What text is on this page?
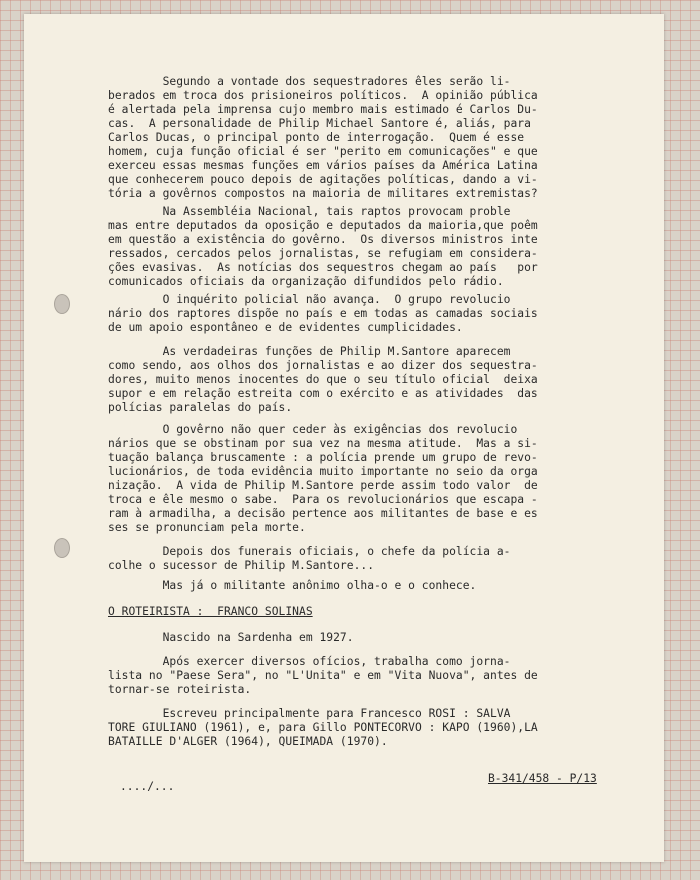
Segundo a vontade dos sequestradores êles serão li-
berados em troca dos prisioneiros políticos.  A opinião pública
é alertada pela imprensa cujo membro mais estimado é Carlos Du-
cas.  A personalidade de Philip Michael Santore é, aliás, para
Carlos Ducas, o principal ponto de interrogação.  Quem é esse
homem, cuja função oficial é ser "perito em comunicações" e que
exerceu essas mesmas funções em vários países da América Latina
que conhecerem pouco depois de agitações políticas, dando a vi-
tória a govêrnos compostos na maioria de militares extremistas?
Na Assembléia Nacional, tais raptos provocam proble
mas entre deputados da oposição e deputados da maioria,que poêm
em questão a existência do govêrno.  Os diversos ministros inte
ressados, cercados pelos jornalistas, se refugiam em considera-
ções evasivas.  As notícias dos sequestros chegam ao país   por
comunicados oficiais da organização difundidos pelo rádio.
O inquérito policial não avança.  O grupo revolucio
nário dos raptores dispõe no país e em todas as camadas sociais
de um apoio espontâneo e de evidentes cumplicidades.
As verdadeiras funções de Philip M.Santore aparecem
como sendo, aos olhos dos jornalistas e ao dizer dos sequestra-
dores, muito menos inocentes do que o seu título oficial  deixa
supor e em relação estreita com o exército e as atividades  das
polícias paralelas do país.
O govêrno não quer ceder às exigências dos revolucio
nários que se obstinam por sua vez na mesma atitude.  Mas a si-
tuação balança bruscamente : a polícia prende um grupo de revo-
lucionários, de toda evidência muito importante no seio da orga
nização.  A vida de Philip M.Santore perde assim todo valor  de
troca e êle mesmo o sabe.  Para os revolucionários que escapa -
ram à armadilha, a decisão pertence aos militantes de base e es
ses se pronunciam pela morte.
Depois dos funerais oficiais, o chefe da polícia a-
colhe o sucessor de Philip M.Santore...
Mas já o militante anônimo olha-o e o conhece.
O ROTEIRISTA :  FRANCO SOLINAS
Nascido na Sardenha em 1927.
Após exercer diversos ofícios, trabalha como jorna-
lista no "Paese Sera", no "L'Unita" e em "Vita Nuova", antes de
tornar-se roteirista.
Escreveu principalmente para Francesco ROSI : SALVA
TORE GIULIANO (1961), e, para Gillo PONTECORVO : KAPO (1960),LA
BATAILLE D'ALGER (1964), QUEIMADA (1970).
..../...
B-341/458 - P/13
